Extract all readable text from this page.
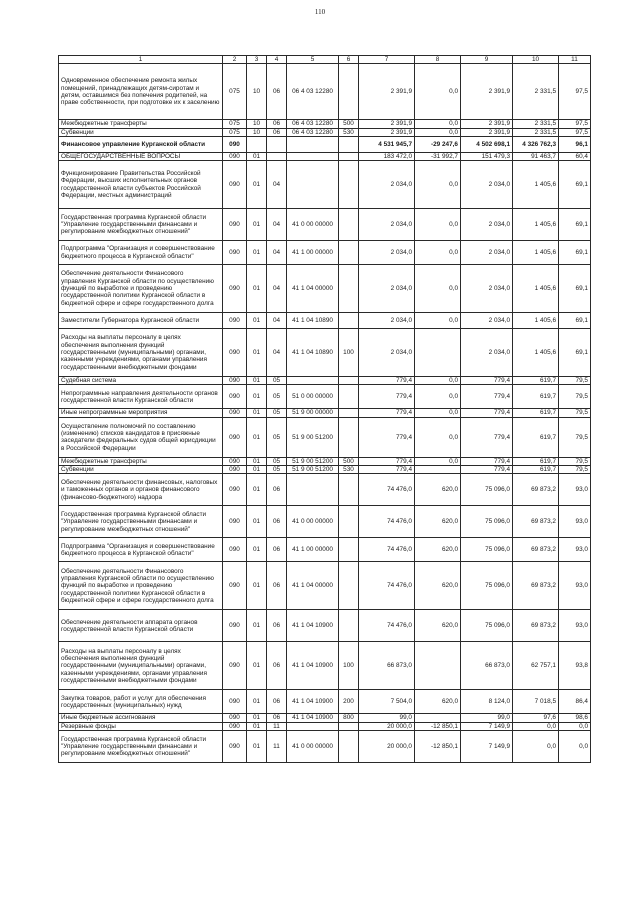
110
1	2	3	4	5	6	7	8	9	10	11
Одновременное обеспечение ремонта жилых помещений, принадлежащих детям-сиротам и детям, оставшимся без попечения родителей, на праве собственности, при подготовке их к заселению	075	10	06	06 4 03 12280		2 391,9	0,0	2 391,9	2 331,5	97,5
Межбюджетные трансферты	075	10	06	06 4 03 12280	500	2 391,9	0,0	2 391,9	2 331,5	97,5
Субвенции	075	10	06	06 4 03 12280	530	2 391,9	0,0	2 391,9	2 331,5	97,5
Финансовое управление Курганской области	090					4 531 945,7	-29 247,6	4 502 698,1	4 326 762,3	96,1
ОБЩЕГОСУДАРСТВЕННЫЕ ВОПРОСЫ	090	01				183 472,0	-31 992,7	151 479,3	91 463,7	60,4
Функционирование Правительства Российской Федерации, высших исполнительных органов государственной власти субъектов Российской Федерации, местных администраций	090	01	04			2 034,0	0,0	2 034,0	1 405,6	69,1
Государственная программа Курганской области "Управление государственными финансами и регулирование межбюджетных отношений"	090	01	04	41 0 00 00000		2 034,0	0,0	2 034,0	1 405,6	69,1
Подпрограмма "Организация и совершенствование бюджетного процесса в Курганской области"	090	01	04	41 1 00 00000		2 034,0	0,0	2 034,0	1 405,6	69,1
Обеспечение деятельности Финансового управления Курганской области по осуществлению функций по выработке и проведению государственной политики Курганской области в бюджетной сфере и сфере государственного долга	090	01	04	41 1 04 00000		2 034,0	0,0	2 034,0	1 405,6	69,1
Заместители Губернатора Курганской области	090	01	04	41 1 04 10890		2 034,0	0,0	2 034,0	1 405,6	69,1
Расходы на выплаты персоналу в целях обеспечения выполнения функций государственными (муниципальными) органами, казенными учреждениями, органами управления государственными внебюджетными фондами	090	01	04	41 1 04 10890	100	2 034,0		2 034,0	1 405,6	69,1
Судебная система	090	01	05			779,4	0,0	779,4	619,7	79,5
Непрограммные направления деятельности органов государственной власти Курганской области	090	01	05	51 0 00 00000		779,4	0,0	779,4	619,7	79,5
Иные непрограммные мероприятия	090	01	05	51 9 00 00000		779,4	0,0	779,4	619,7	79,5
Осуществление полномочий по составлению (изменению) списков кандидатов в присяжные заседатели федеральных судов общей юрисдикции в Российской Федерации	090	01	05	51 9 00 51200		779,4	0,0	779,4	619,7	79,5
Межбюджетные трансферты	090	01	05	51 9 00 51200	500	779,4	0,0	779,4	619,7	79,5
Субвенции	090	01	05	51 9 00 51200	530	779,4		779,4	619,7	79,5
Обеспечение деятельности финансовых, налоговых и таможенных органов и органов финансового (финансово-бюджетного) надзора	090	01	06			74 476,0	620,0	75 096,0	69 873,2	93,0
Государственная программа Курганской области "Управление государственными финансами и регулирование межбюджетных отношений"	090	01	06	41 0 00 00000		74 476,0	620,0	75 096,0	69 873,2	93,0
Подпрограмма "Организация и совершенствование бюджетного процесса в Курганской области"	090	01	06	41 1 00 00000		74 476,0	620,0	75 096,0	69 873,2	93,0
Обеспечение деятельности Финансового управления Курганской области по осуществлению функций по выработке и проведению государственной политики Курганской области в бюджетной сфере и сфере государственного долга	090	01	06	41 1 04 00000		74 476,0	620,0	75 096,0	69 873,2	93,0
Обеспечение деятельности аппарата органов государственной власти Курганской области	090	01	06	41 1 04 10900		74 476,0	620,0	75 096,0	69 873,2	93,0
Расходы на выплаты персоналу в целях обеспечения выполнения функций государственными (муниципальными) органами, казенными учреждениями, органами управления государственными внебюджетными фондами	090	01	06	41 1 04 10900	100	66 873,0		66 873,0	62 757,1	93,8
Закупка товаров, работ и услуг для обеспечения государственных (муниципальных) нужд	090	01	06	41 1 04 10900	200	7 504,0	620,0	8 124,0	7 018,5	86,4
Иные бюджетные ассигнования	090	01	06	41 1 04 10900	800	99,0		99,0	97,6	98,6
Резервные фонды	090	01	11			20 000,0	-12 850,1	7 149,9	0,0	0,0
Государственная программа Курганской области "Управление государственными финансами и регулирование межбюджетных отношений"	090	01	11	41 0 00 00000		20 000,0	-12 850,1	7 149,9	0,0	0,0
